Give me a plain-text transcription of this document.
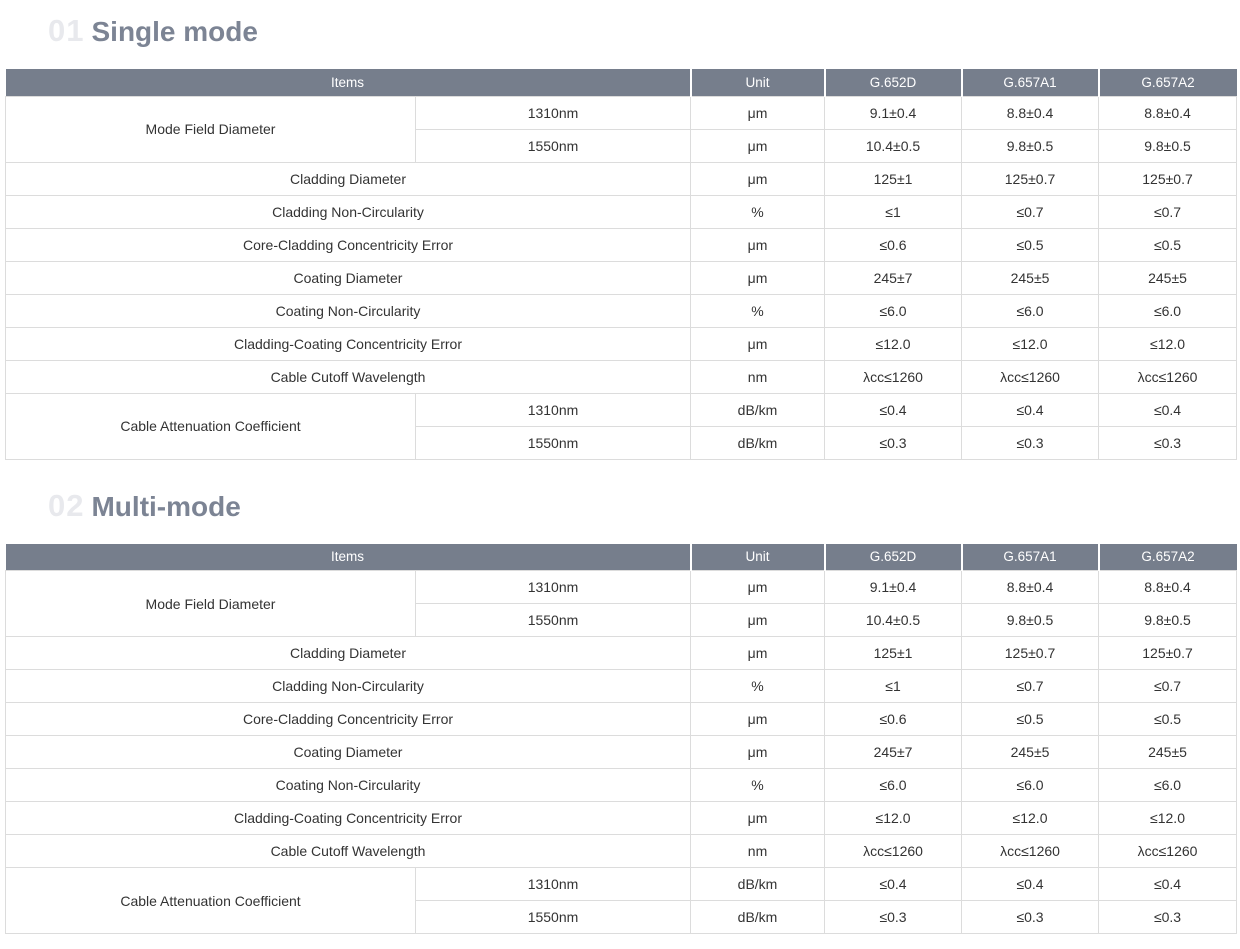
01 Single mode
Items		Unit	G.652D	G.657A1	G.657A2
Mode Field Diameter	1310nm	μm	9.1±0.4	8.8±0.4	8.8±0.4
	1550nm	μm	10.4±0.5	9.8±0.5	9.8±0.5
Cladding Diameter		μm	125±1	125±0.7	125±0.7
Cladding Non-Circularity		%	≤1	≤0.7	≤0.7
Core-Cladding Concentricity Error		μm	≤0.6	≤0.5	≤0.5
Coating Diameter		μm	245±7	245±5	245±5
Coating Non-Circularity		%	≤6.0	≤6.0	≤6.0
Cladding-Coating Concentricity Error		μm	≤12.0	≤12.0	≤12.0
Cable Cutoff Wavelength		nm	λcc≤1260	λcc≤1260	λcc≤1260
Cable Attenuation Coefficient	1310nm	dB/km	≤0.4	≤0.4	≤0.4
	1550nm	dB/km	≤0.3	≤0.3	≤0.3
02 Multi-mode
Items		Unit	G.652D	G.657A1	G.657A2
Mode Field Diameter	1310nm	μm	9.1±0.4	8.8±0.4	8.8±0.4
	1550nm	μm	10.4±0.5	9.8±0.5	9.8±0.5
Cladding Diameter		μm	125±1	125±0.7	125±0.7
Cladding Non-Circularity		%	≤1	≤0.7	≤0.7
Core-Cladding Concentricity Error		μm	≤0.6	≤0.5	≤0.5
Coating Diameter		μm	245±7	245±5	245±5
Coating Non-Circularity		%	≤6.0	≤6.0	≤6.0
Cladding-Coating Concentricity Error		μm	≤12.0	≤12.0	≤12.0
Cable Cutoff Wavelength		nm	λcc≤1260	λcc≤1260	λcc≤1260
Cable Attenuation Coefficient	1310nm	dB/km	≤0.4	≤0.4	≤0.4
	1550nm	dB/km	≤0.3	≤0.3	≤0.3
